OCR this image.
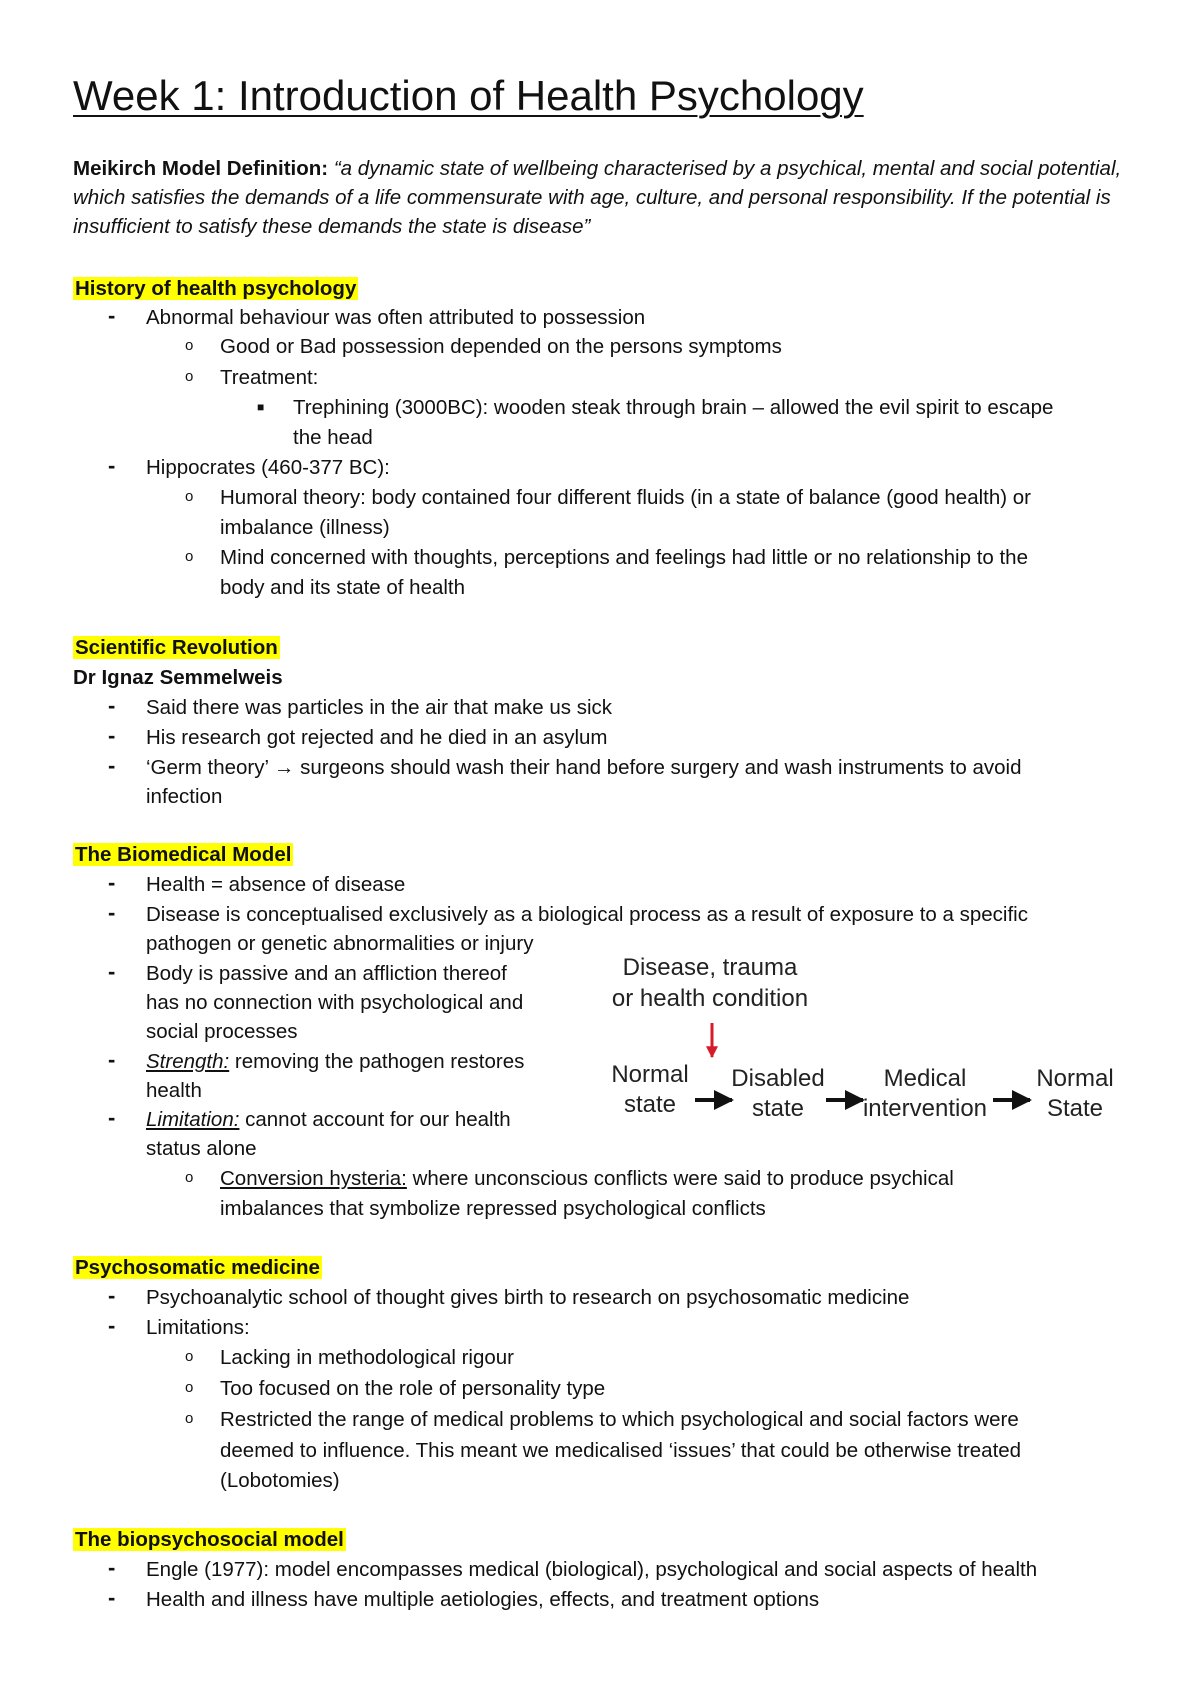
Week 1: Introduction of Health Psychology
Meikirch Model Definition: “a dynamic state of wellbeing characterised by a psychical, mental and social potential, which satisfies the demands of a life commensurate with age, culture, and personal responsibility. If the potential is insufficient to satisfy these demands the state is disease”
History of health psychology
- Abnormal behaviour was often attributed to possession
o Good or Bad possession depended on the persons symptoms
o Treatment:
■ Trephining (3000BC): wooden steak through brain – allowed the evil spirit to escape
the head
- Hippocrates (460-377 BC):
o Humoral theory: body contained four different fluids (in a state of balance (good health) or
imbalance (illness)
o Mind concerned with thoughts, perceptions and feelings had little or no relationship to the
body and its state of health
Scientific Revolution
Dr Ignaz Semmelweis
- Said there was particles in the air that make us sick
- His research got rejected and he died in an asylum
- ‘Germ theory’ → surgeons should wash their hand before surgery and wash instruments to avoid
infection
The Biomedical Model
- Health = absence of disease
- Disease is conceptualised exclusively as a biological process as a result of exposure to a specific
pathogen or genetic abnormalities or injury
- Body is passive and an affliction thereof
has no connection with psychological and
social processes
- Strength: removing the pathogen restores
health
- Limitation: cannot account for our health
status alone
o Conversion hysteria: where unconscious conflicts were said to produce psychical
imbalances that symbolize repressed psychological conflicts
Disease, trauma
or health condition
Normal
state
Disabled
state
Medical
intervention
Normal
State
Psychosomatic medicine
- Psychoanalytic school of thought gives birth to research on psychosomatic medicine
- Limitations:
o Lacking in methodological rigour
o Too focused on the role of personality type
o Restricted the range of medical problems to which psychological and social factors were
deemed to influence. This meant we medicalised ‘issues’ that could be otherwise treated
(Lobotomies)
The biopsychosocial model
- Engle (1977): model encompasses medical (biological), psychological and social aspects of health
- Health and illness have multiple aetiologies, effects, and treatment options
